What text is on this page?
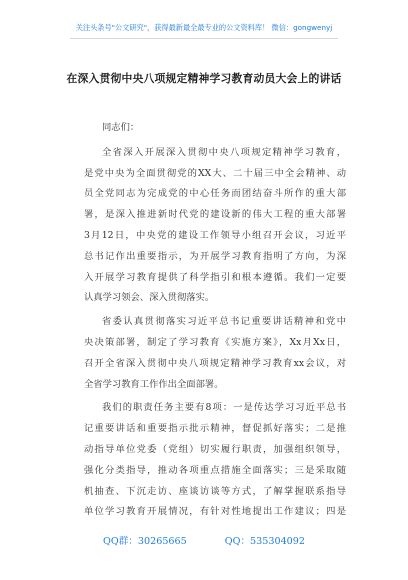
关注头条号"公文研究"，获得最新最全最专业的公文资料库！ 微信：gongwenyj
在深入贯彻中央八项规定精神学习教育动员大会上的讲话
同志们：
全省深入开展深入贯彻中央八项规定精神学习教育，
是党中央为全面贯彻党的XX大、二十届三中全会精神、动
员全党同志为完成党的中心任务而团结奋斗所作的重大部
署，是深入推进新时代党的建设新的伟大工程的重大部署
3月12日，中央党的建设工作领导小组召开会议，习近平
总书记作出重要指示，为开展学习教育指明了方向，为深
入开展学习教育提供了科学指引和根本遵循。我们一定要
认真学习领会、深入贯彻落实。
省委认真贯彻落实习近平总书记重要讲话精神和党中
央决策部署，制定了学习教育《实施方案》，Xx月Xx日，
召开全省深入贯彻中央八项规定精神学习教育xx会议，对
全省学习教育工作作出全面部署。
我们的职责任务主要有8项：一是传达学习习近平总书
记重要讲话和重要指示批示精神，督促抓好落实；二是推
动指导单位党委（党组）切实履行职责，加强组织领导，
强化分类指导，推动各项重点措施全面落实；三是采取随
机抽查、下沉走访、座谈访谈等方式，了解掌握联系指导
单位学习教育开展情况，有针对性地提出工作建议；四是
QQ群：30265665	QQ：535304092
